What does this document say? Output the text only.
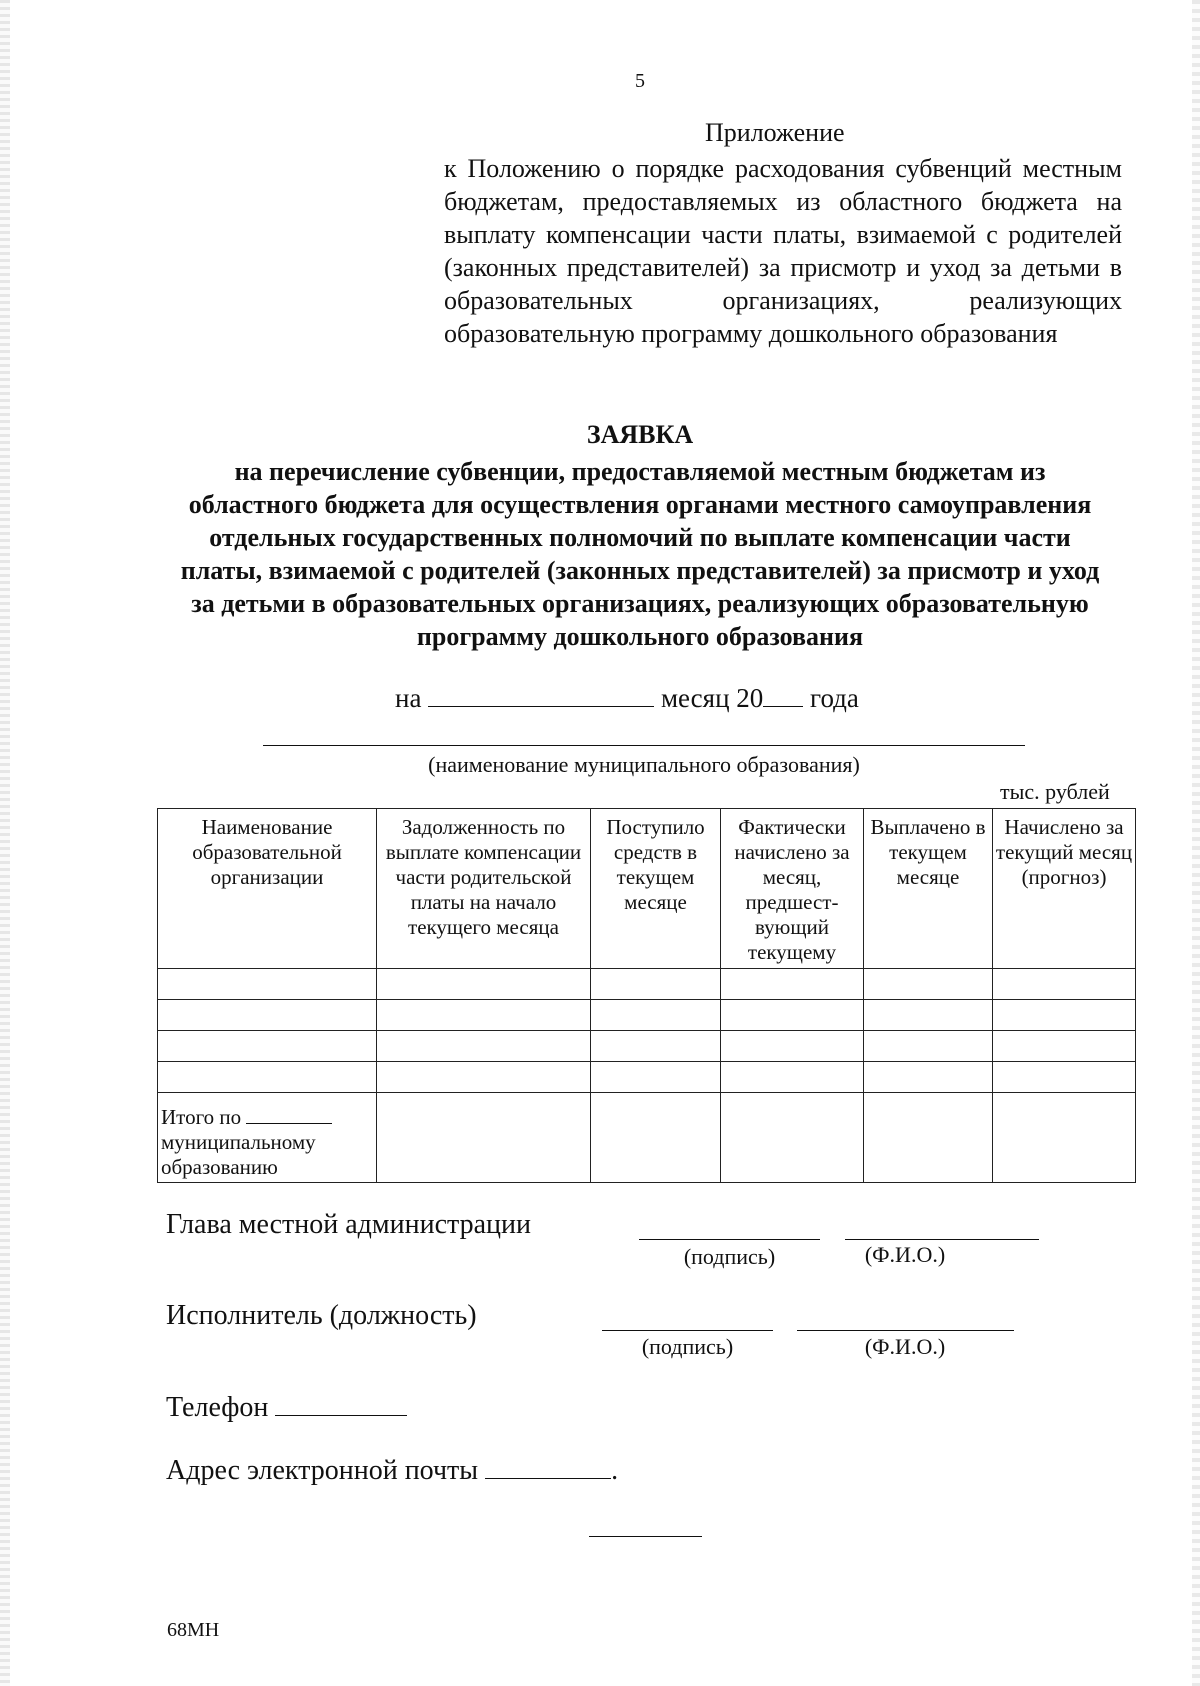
5
Приложение
к Положению о порядке расходования субвенций местным бюджетам, предоставляемых из областного бюджета на выплату компенсации части платы, взимаемой с родителей (законных представителей) за присмотр и уход за детьми в образовательных организациях, реализующих образовательную программу дошкольного образования
ЗАЯВКА
на перечисление субвенции, предоставляемой местным бюджетам из областного бюджета для осуществления органами местного самоуправления отдельных государственных полномочий по выплате компенсации части платы, взимаемой с родителей (законных представителей) за присмотр и уход за детьми в образовательных организациях, реализующих образовательную программу дошкольного образования
на	месяц 20 года
(наименование муниципального образования)
тыс. рублей
Наименование образовательной организации	Задолженность по выплате компенсации части родительской платы на начало текущего месяца	Поступило средств в текущем месяце	Фактически начислено за месяц, предшест- вующий текущему	Выплачено в текущем месяце	Начислено за текущий месяц (прогноз)

Итого по
муниципальному образованию					
Глава местной администрации
(подпись)	(Ф.И.О.)
Исполнитель (должность)
(подпись)	(Ф.И.О.)
Телефон
Адрес электронной почты	.
68МН
